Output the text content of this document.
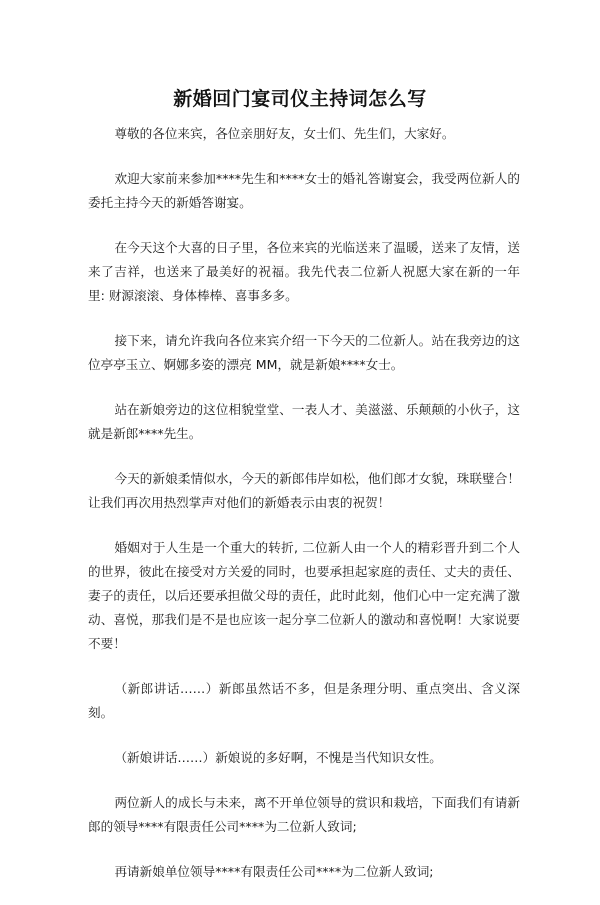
新婚回门宴司仪主持词怎么写

尊敬的各位来宾，各位亲朋好友，女士们、先生们，大家好。

欢迎大家前来参加****先生和****女士的婚礼答谢宴会，我受两位新人的委托主持今天的新婚答谢宴。

在今天这个大喜的日子里，各位来宾的光临送来了温暖，送来了友情，送来了吉祥，也送来了最美好的祝福。我先代表二位新人祝愿大家在新的一年里: 财源滚滚、身体棒棒、喜事多多。

接下来，请允许我向各位来宾介绍一下今天的二位新人。站在我旁边的这位亭亭玉立、婀娜多姿的漂亮 MM，就是新娘****女士。

站在新娘旁边的这位相貌堂堂、一表人才、美滋滋、乐颠颠的小伙子，这就是新郎****先生。

今天的新娘柔情似水，今天的新郎伟岸如松，他们郎才女貌，珠联璧合！让我们再次用热烈掌声对他们的新婚表示由衷的祝贺！

婚姻对于人生是一个重大的转折, 二位新人由一个人的精彩晋升到二个人的世界，彼此在接受对方关爱的同时，也要承担起家庭的责任、丈夫的责任、妻子的责任，以后还要承担做父母的责任，此时此刻，他们心中一定充满了激动、喜悦，那我们是不是也应该一起分享二位新人的激动和喜悦啊！大家说要不要！

（新郎讲话……）新郎虽然话不多，但是条理分明、重点突出、含义深刻。

（新娘讲话……）新娘说的多好啊，不愧是当代知识女性。

两位新人的成长与未来，离不开单位领导的赏识和栽培，下面我们有请新郎的领导****有限责任公司****为二位新人致词;

再请新娘单位领导****有限责任公司****为二位新人致词;
